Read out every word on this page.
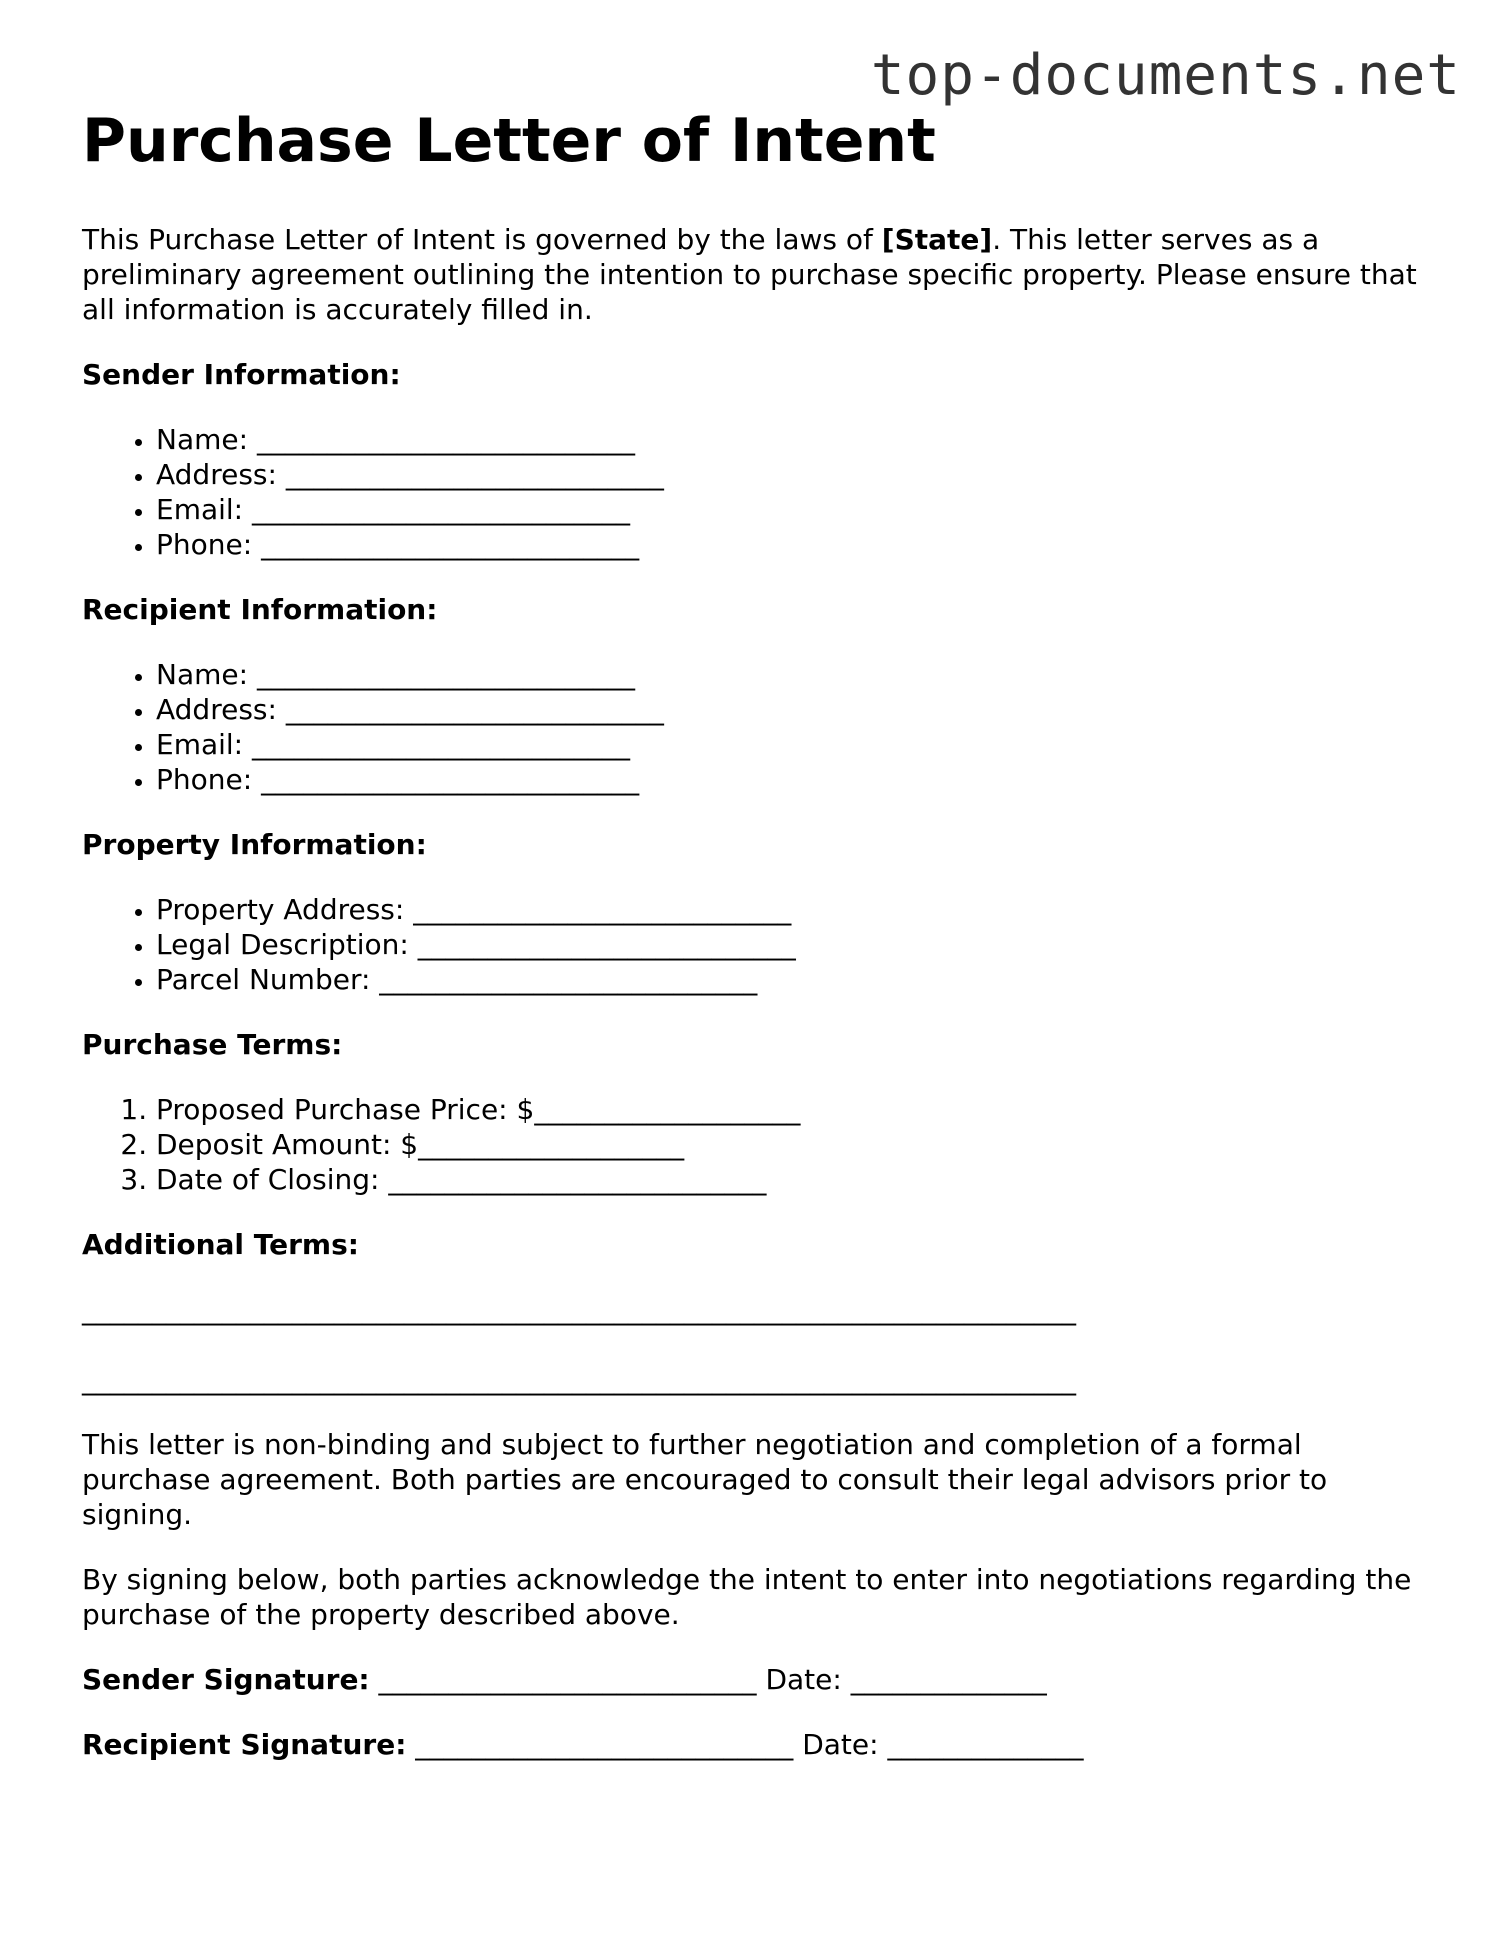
top-documents.net
Purchase Letter of Intent

This Purchase Letter of Intent is governed by the laws of [State]. This letter serves as a preliminary agreement outlining the intention to purchase specific property. Please ensure that all information is accurately filled in.

Sender Information:
• Name: ___________________________
• Address: ___________________________
• Email: ___________________________
• Phone: ___________________________
Recipient Information:
• Name: ___________________________
• Address: ___________________________
• Email: ___________________________
• Phone: ___________________________
Property Information:
• Property Address: ___________________________
• Legal Description: ___________________________
• Parcel Number: ___________________________
Purchase Terms:
1. Proposed Purchase Price: $___________________
2. Deposit Amount: $___________________
3. Date of Closing: ___________________________
Additional Terms:
_______________________________________________________________________
_______________________________________________________________________

This letter is non-binding and subject to further negotiation and completion of a formal purchase agreement. Both parties are encouraged to consult their legal advisors prior to signing.

By signing below, both parties acknowledge the intent to enter into negotiations regarding the purchase of the property described above.

Sender Signature: ___________________________ Date: ______________
Recipient Signature: ___________________________ Date: ______________
